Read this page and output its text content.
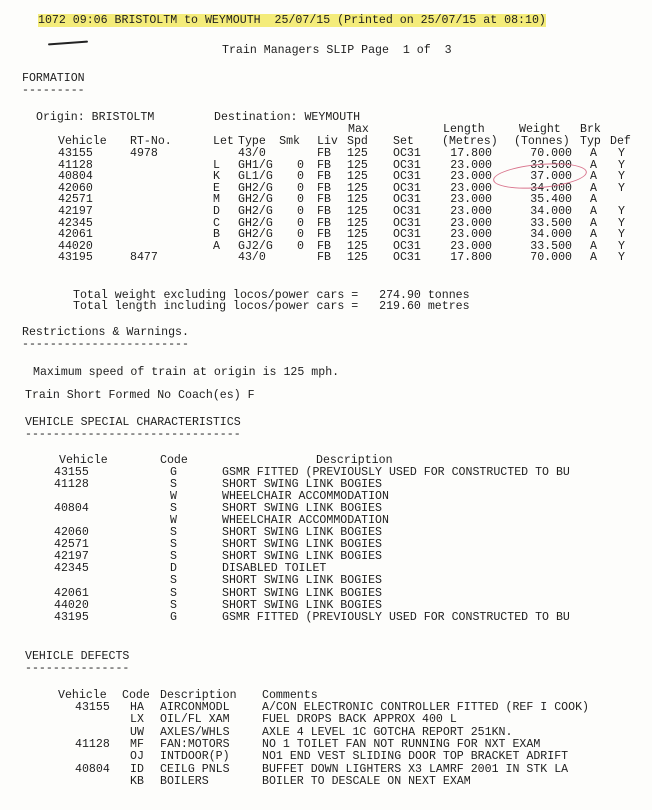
1072 09:06 BRISTOLTM to WEYMOUTH  25/07/15 (Printed on 25/07/15 at 08:10)
Train Managers SLIP Page  1 of  3
FORMATION
---------
Origin: BRISTOLTM	Destination: WEYMOUTH
Max	Length	Weight Brk
Vehicle RT-No.	Let Type	Smk Liv Spd Set (Metres) (Tonnes) Typ Def
43155	4978	43/0	FB 125 OC31	17.800	70.000 A Y
41128	L GH1/G	0 FB 125 OC31	23.000	33.500 A Y
40804	K GL1/G	0 FB 125 OC31	23.000	37.000 A Y
42060	E GH2/G	0 FB 125 OC31	23.000	34.000 A Y
42571	M GH2/G	0 FB 125 OC31	23.000	35.400 A
42197	D GH2/G	0 FB 125 OC31	23.000	34.000 A Y
42345	C GH2/G	0 FB 125 OC31	23.000	33.500 A Y
42061	B GH2/G	0 FB 125 OC31	23.000	34.000 A Y
44020	A GJ2/G	0 FB 125 OC31	23.000	33.500 A Y
43195	8477	43/0	FB 125 OC31	17.800	70.000 A Y
Total weight excluding locos/power cars =   274.90 tonnes
Total length including locos/power cars =   219.60 metres
Restrictions & Warnings.
------------------------
Maximum speed of train at origin is 125 mph.
Train Short Formed No Coach(es) F
VEHICLE SPECIAL CHARACTERISTICS
-------------------------------
Vehicle	Code	Description
43155	G	GSMR FITTED (PREVIOUSLY USED FOR CONSTRUCTED TO BU
41128	S	SHORT SWING LINK BOGIES
W	WHEELCHAIR ACCOMMODATION
40804	S	SHORT SWING LINK BOGIES
W	WHEELCHAIR ACCOMMODATION
42060	S	SHORT SWING LINK BOGIES
42571	S	SHORT SWING LINK BOGIES
42197	S	SHORT SWING LINK BOGIES
42345	D	DISABLED TOILET
S	SHORT SWING LINK BOGIES
42061	S	SHORT SWING LINK BOGIES
44020	S	SHORT SWING LINK BOGIES
43195	G	GSMR FITTED (PREVIOUSLY USED FOR CONSTRUCTED TO BU
VEHICLE DEFECTS
---------------
Vehicle Code Description Comments
43155 HA AIRCONMODL	A/CON ELECTRONIC CONTROLLER FITTED (REF I COOK)
LX OIL/FL XAM	FUEL DROPS BACK APPROX 400 L
UW AXLES/WHLS	AXLE 4 LEVEL 1C GOTCHA REPORT 251KN.
41128 MF FAN:MOTORS	NO 1 TOILET FAN NOT RUNNING FOR NXT EXAM
OJ INTDOOR(P)	NO1 END VEST SLIDING DOOR TOP BRACKET ADRIFT
40804 ID CEILG PNLS	BUFFET DOWN LIGHTERS X3 LAMRF 2001 IN STK LA
KB BOILERS	BOILER TO DESCALE ON NEXT EXAM
